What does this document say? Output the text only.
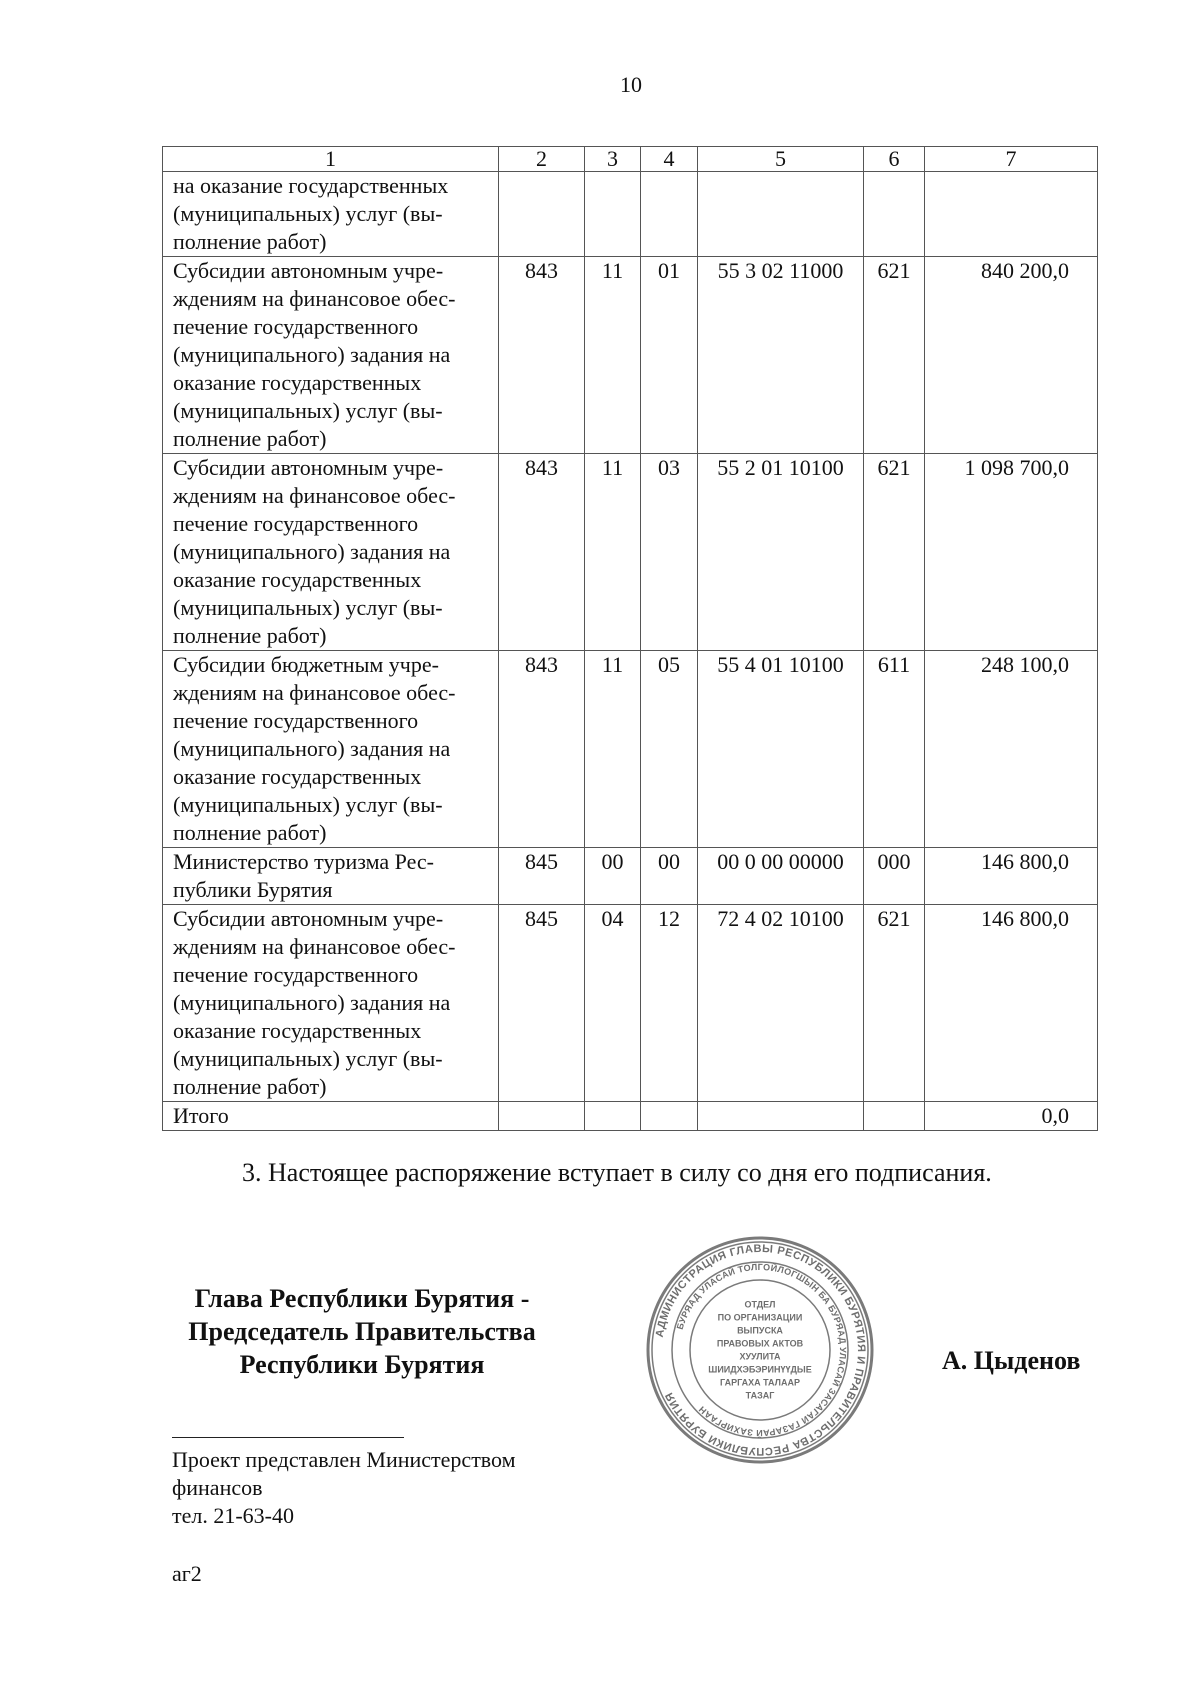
10
1	2	3	4	5	6	7
на оказание государственных (муниципальных) услуг (вы-полнение работ)						
Субсидии автономным учре-ждениям на финансовое обес-печение государственного (муниципального) задания на оказание государственных (муниципальных) услуг (вы-полнение работ)	843	11	01	55 3 02 11000	621	840 200,0
Субсидии автономным учре-ждениям на финансовое обес-печение государственного (муниципального) задания на оказание государственных (муниципальных) услуг (вы-полнение работ)	843	11	03	55 2 01 10100	621	1 098 700,0
Субсидии бюджетным учре-ждениям на финансовое обес-печение государственного (муниципального) задания на оказание государственных (муниципальных) услуг (вы-полнение работ)	843	11	05	55 4 01 10100	611	248 100,0
Министерство туризма Рес-публики Бурятия	845	00	00	00 0 00 00000	000	146 800,0
Субсидии автономным учре-ждениям на финансовое обес-печение государственного (муниципального) задания на оказание государственных (муниципальных) услуг (вы-полнение работ)	845	04	12	72 4 02 10100	621	146 800,0
Итого						0,0
3. Настоящее распоряжение вступает в силу со дня его подписания.
Глава Республики Бурятия -
Председатель Правительства
Республики Бурятия
АДМИНИСТРАЦИЯ ГЛАВЫ РЕСПУБЛИКИ БУРЯТИЯ И ПРАВИТЕЛЬСТВА РЕСПУБЛИКИ БУРЯТИЯ
БУРЯАД УЛАСАЙ ТОЛГОЙЛОГШЫН БА БУРЯАД УЛАСАЙ ЗАСАГАЙ ГАЗАРАЙ ЗАХИРГААН
ОТДЕЛ
ПО ОРГАНИЗАЦИИ
ВЫПУСКА
ПРАВОВЫХ АКТОВ
ХУУЛИТА
ШИИДХЭБЭРИНҮҮДЫЕ
ГАРГАХА ТАЛААР
ТАЗАГ
А. Цыденов
Проект представлен Министерством
финансов
тел. 21-63-40
аг2
